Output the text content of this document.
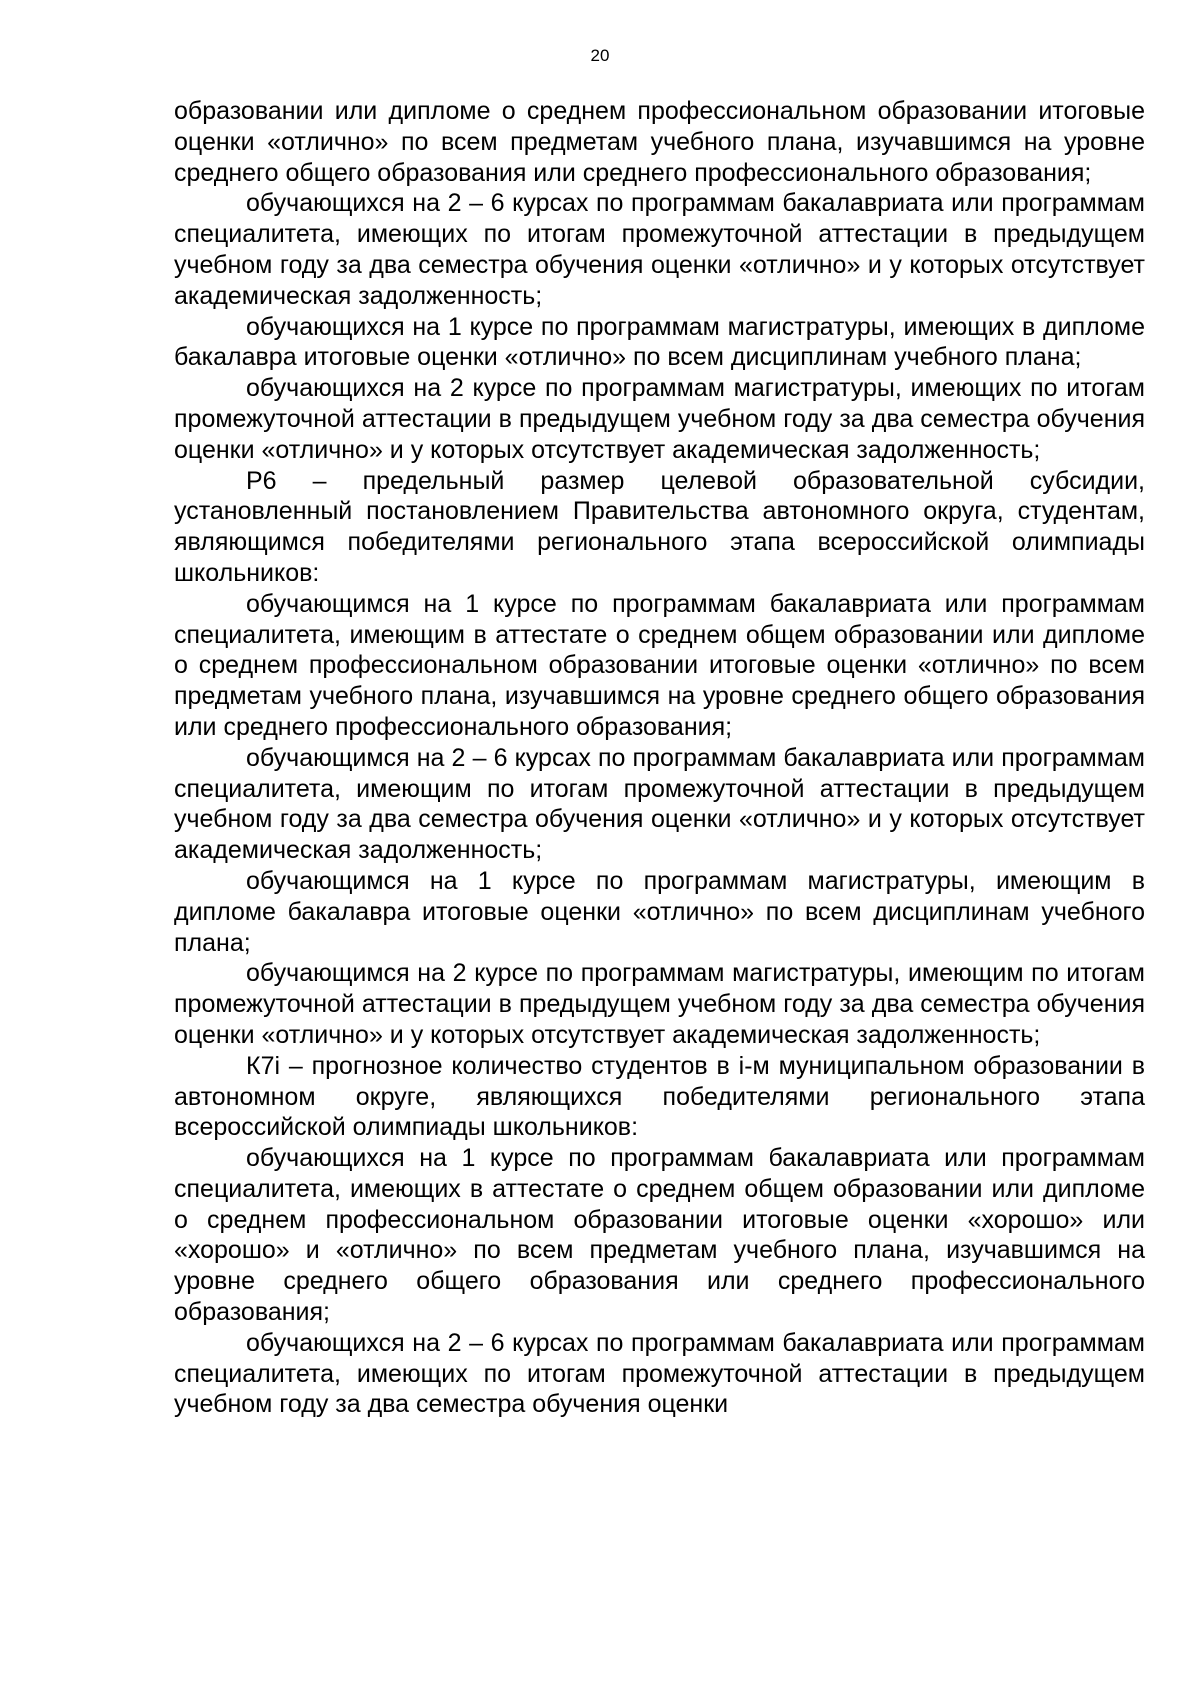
20

образовании или дипломе о среднем профессиональном образовании итоговые оценки «отлично» по всем предметам учебного плана, изучавшимся на уровне среднего общего образования или среднего профессионального образования;

обучающихся на 2 – 6 курсах по программам бакалавриата или программам специалитета, имеющих по итогам промежуточной аттестации в предыдущем учебном году за два семестра обучения оценки «отлично» и у которых отсутствует академическая задолженность;

обучающихся на 1 курсе по программам магистратуры, имеющих в дипломе бакалавра итоговые оценки «отлично» по всем дисциплинам учебного плана;

обучающихся на 2 курсе по программам магистратуры, имеющих по итогам промежуточной аттестации в предыдущем учебном году за два семестра обучения оценки «отлично» и у которых отсутствует академическая задолженность;

Р6 – предельный размер целевой образовательной субсидии, установленный постановлением Правительства автономного округа, студентам, являющимся победителями регионального этапа всероссийской олимпиады школьников:

обучающимся на 1 курсе по программам бакалавриата или программам специалитета, имеющим в аттестате о среднем общем образовании или дипломе о среднем профессиональном образовании итоговые оценки «отлично» по всем предметам учебного плана, изучавшимся на уровне среднего общего образования или среднего профессионального образования;

обучающимся на 2 – 6 курсах по программам бакалавриата или программам специалитета, имеющим по итогам промежуточной аттестации в предыдущем учебном году за два семестра обучения оценки «отлично» и у которых отсутствует академическая задолженность;

обучающимся на 1 курсе по программам магистратуры, имеющим в дипломе бакалавра итоговые оценки «отлично» по всем дисциплинам учебного плана;

обучающимся на 2 курсе по программам магистратуры, имеющим по итогам промежуточной аттестации в предыдущем учебном году за два семестра обучения оценки «отлично» и у которых отсутствует академическая задолженность;

К7i – прогнозное количество студентов в i-м муниципальном образовании в автономном округе, являющихся победителями регионального этапа всероссийской олимпиады школьников:

обучающихся на 1 курсе по программам бакалавриата или программам специалитета, имеющих в аттестате о среднем общем образовании или дипломе о среднем профессиональном образовании итоговые оценки «хорошо» или «хорошо» и «отлично» по всем предметам учебного плана, изучавшимся на уровне среднего общего образования или среднего профессионального образования;

обучающихся на 2 – 6 курсах по программам бакалавриата или программам специалитета, имеющих по итогам промежуточной аттестации в предыдущем учебном году за два семестра обучения оценки
